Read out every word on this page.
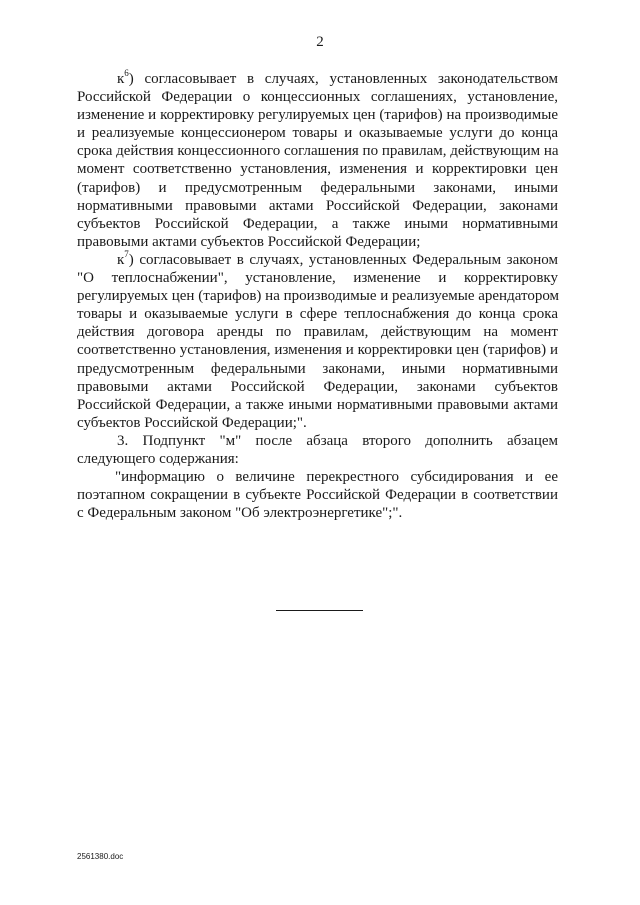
2
$к^6$) согласовывает в случаях, установленных законодательством
Российской Федерации о концессионных соглашениях, установление,
изменение и корректировку регулируемых цен (тарифов) на производимые
и реализуемые концессионером товары и оказываемые услуги до конца
срока действия концессионного соглашения по правилам, действующим на
момент соответственно установления, изменения и корректировки цен
(тарифов) и предусмотренным федеральными законами, иными
нормативными правовыми актами Российской Федерации, законами
субъектов Российской Федерации, а также иными нормативными
правовыми актами субъектов Российской Федерации;
$к^7$) согласовывает в случаях, установленных Федеральным законом
"О теплоснабжении", установление, изменение и корректировку
регулируемых цен (тарифов) на производимые и реализуемые арендатором
товары и оказываемые услуги в сфере теплоснабжения до конца срока
действия договора аренды по правилам, действующим на момент
соответственно установления, изменения и корректировки цен (тарифов) и
предусмотренным федеральными законами, иными нормативными
правовыми актами Российской Федерации, законами субъектов
Российской Федерации, а также иными нормативными правовыми актами
субъектов Российской Федерации;".
3. Подпункт "м" после абзаца второго дополнить абзацем
следующего содержания:
"информацию о величине перекрестного субсидирования и ее
поэтапном сокращении в субъекте Российской Федерации в соответствии
с Федеральным законом "Об электроэнергетике";".
2561380.doc
